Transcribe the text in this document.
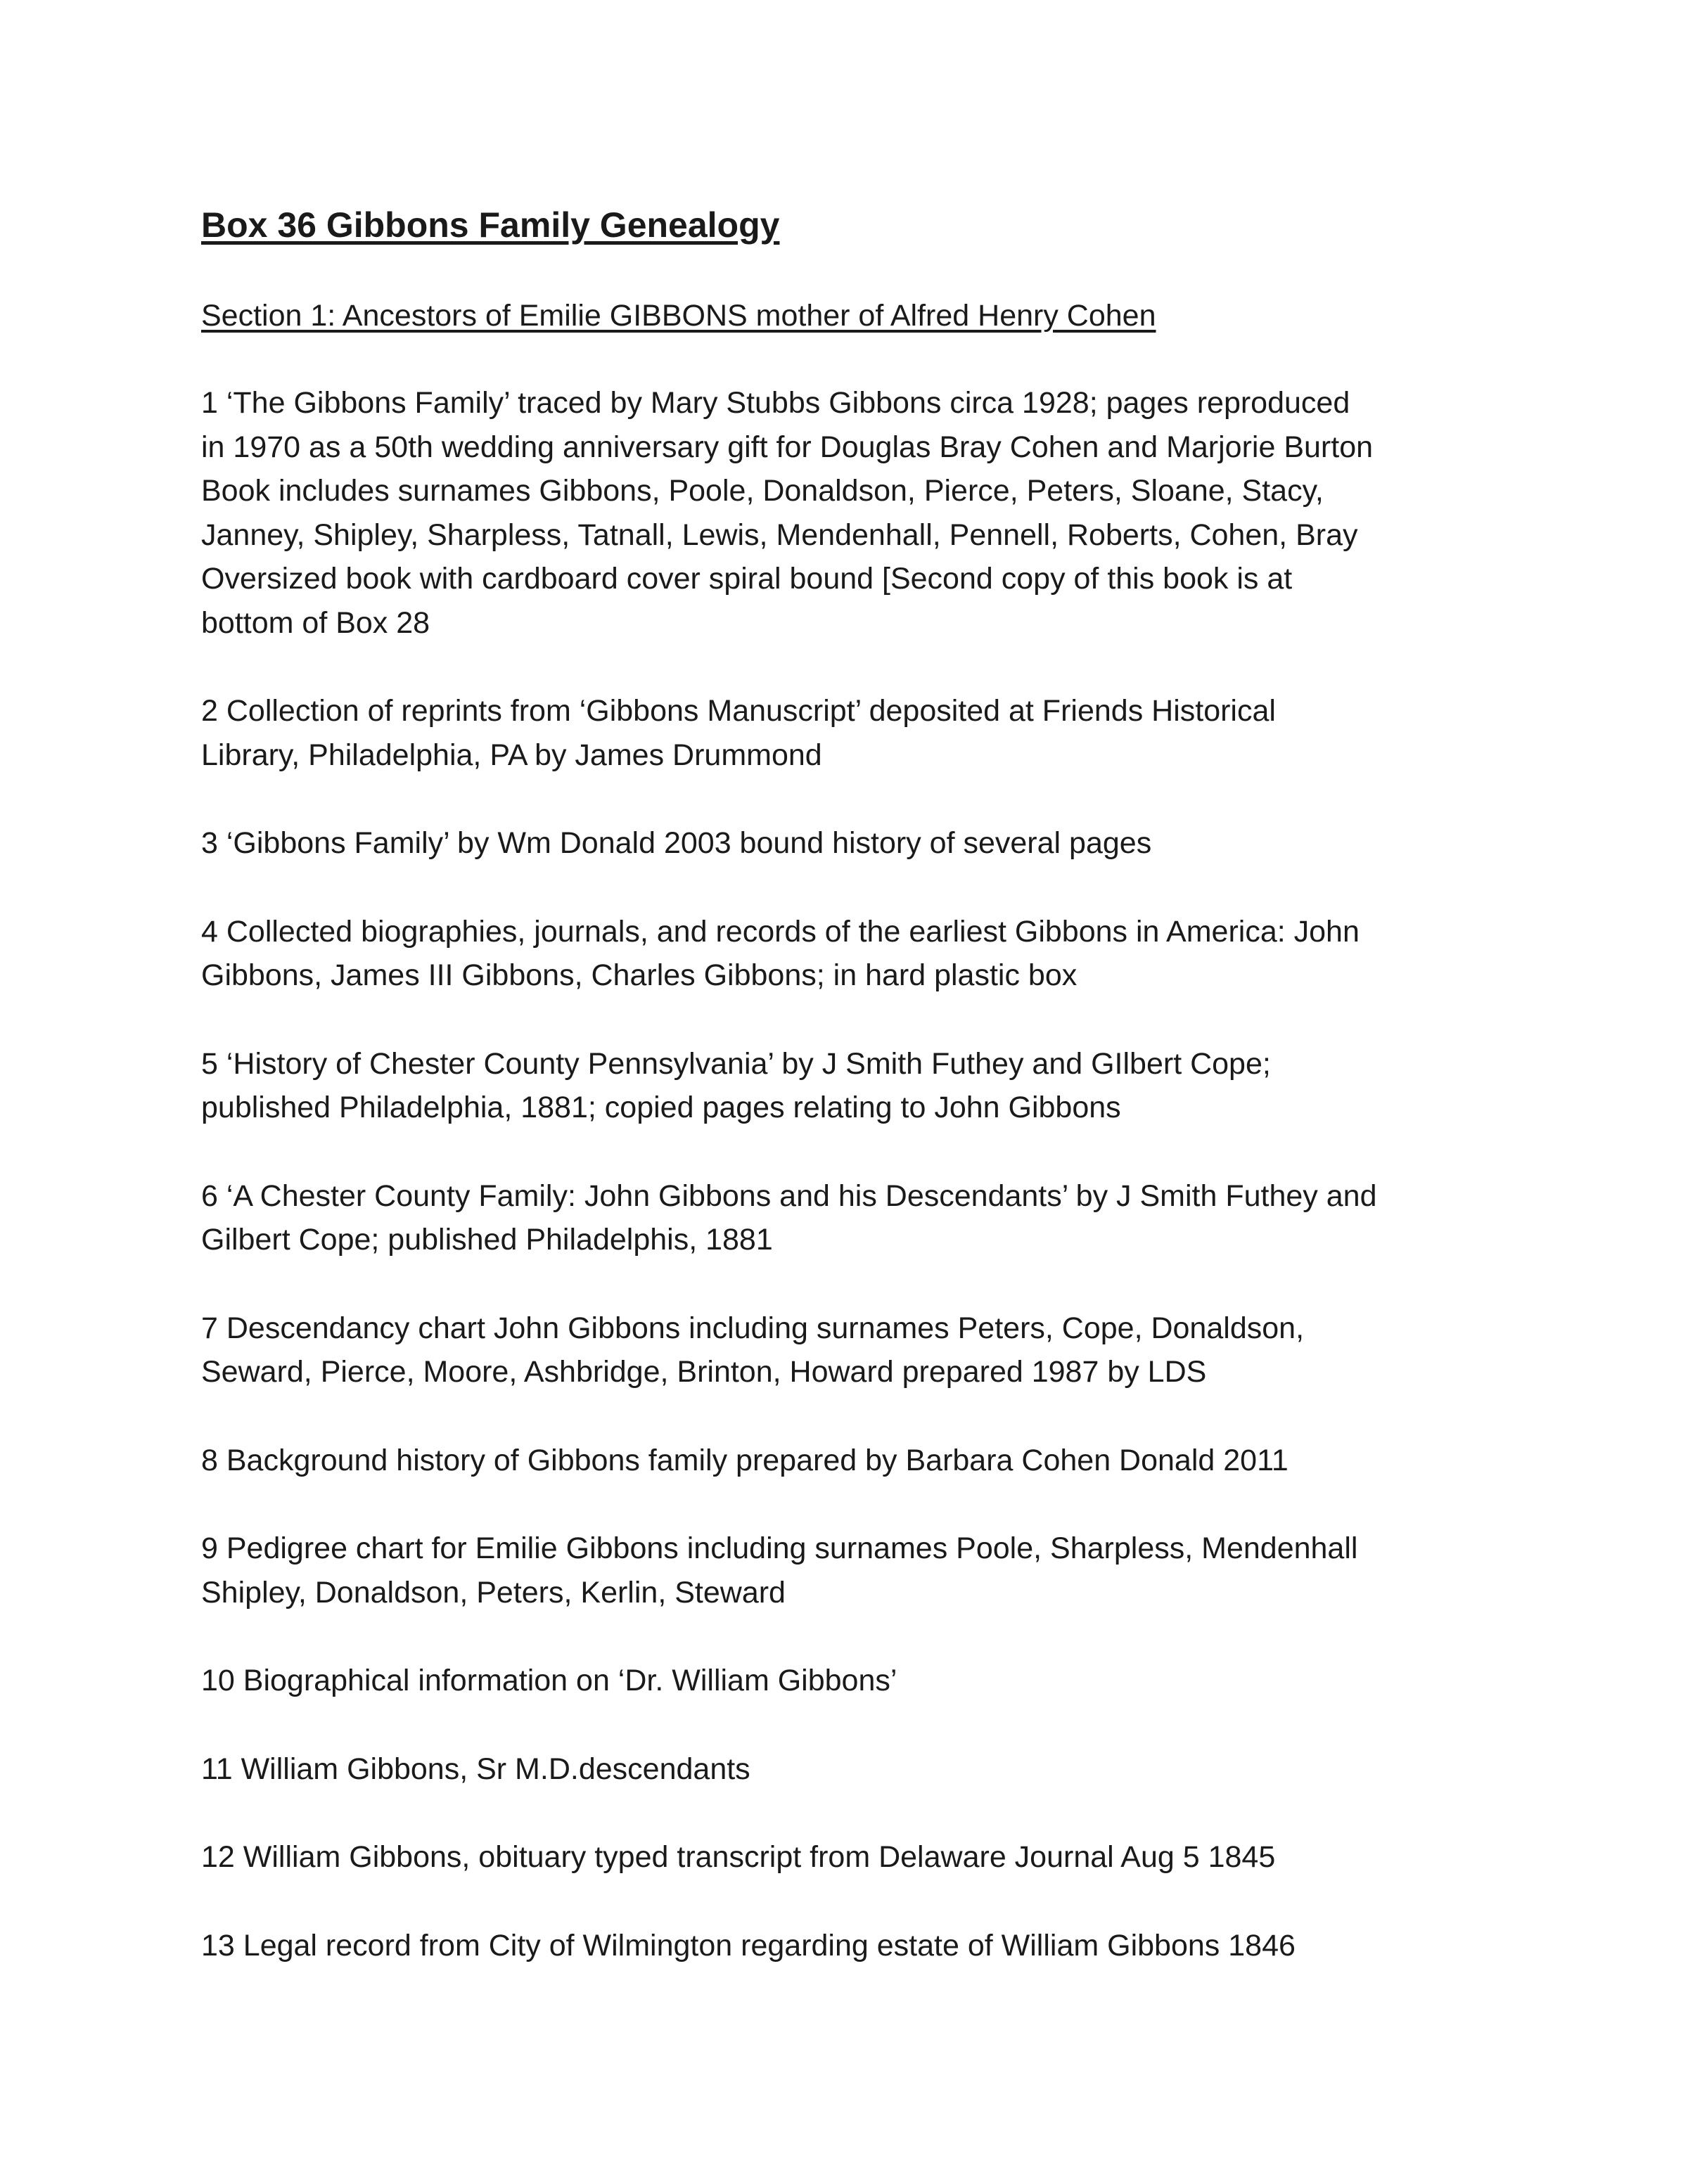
Box 36 Gibbons Family Genealogy
Section 1: Ancestors of Emilie GIBBONS mother of Alfred Henry Cohen

1 ‘The Gibbons Family’ traced by Mary Stubbs Gibbons circa 1928; pages reproduced
in 1970 as a 50th wedding anniversary gift for Douglas Bray Cohen and Marjorie Burton
Book includes surnames Gibbons, Poole, Donaldson, Pierce, Peters, Sloane, Stacy,
Janney, Shipley, Sharpless, Tatnall, Lewis, Mendenhall, Pennell, Roberts, Cohen, Bray
Oversized book with cardboard cover spiral bound [Second copy of this book is at
bottom of Box 28

2 Collection of reprints from ‘Gibbons Manuscript’ deposited at Friends Historical
Library, Philadelphia, PA by James Drummond

3 ‘Gibbons Family’ by Wm Donald 2003 bound history of several pages

4 Collected biographies, journals, and records of the earliest Gibbons in America: John
Gibbons, James III Gibbons, Charles Gibbons; in hard plastic box

5 ‘History of Chester County Pennsylvania’ by J Smith Futhey and GIlbert Cope;
published Philadelphia, 1881; copied pages relating to John Gibbons

6 ‘A Chester County Family: John Gibbons and his Descendants’ by J Smith Futhey and
Gilbert Cope; published Philadelphis, 1881

7 Descendancy chart John Gibbons including surnames Peters, Cope, Donaldson,
Seward, Pierce, Moore, Ashbridge, Brinton, Howard prepared 1987 by LDS

8 Background history of Gibbons family prepared by Barbara Cohen Donald 2011

9 Pedigree chart for Emilie Gibbons including surnames Poole, Sharpless, Mendenhall
Shipley, Donaldson, Peters, Kerlin, Steward

10 Biographical information on ‘Dr. William Gibbons’

11 William Gibbons, Sr M.D.descendants

12 William Gibbons, obituary typed transcript from Delaware Journal Aug 5 1845

13 Legal record from City of Wilmington regarding estate of William Gibbons 1846
